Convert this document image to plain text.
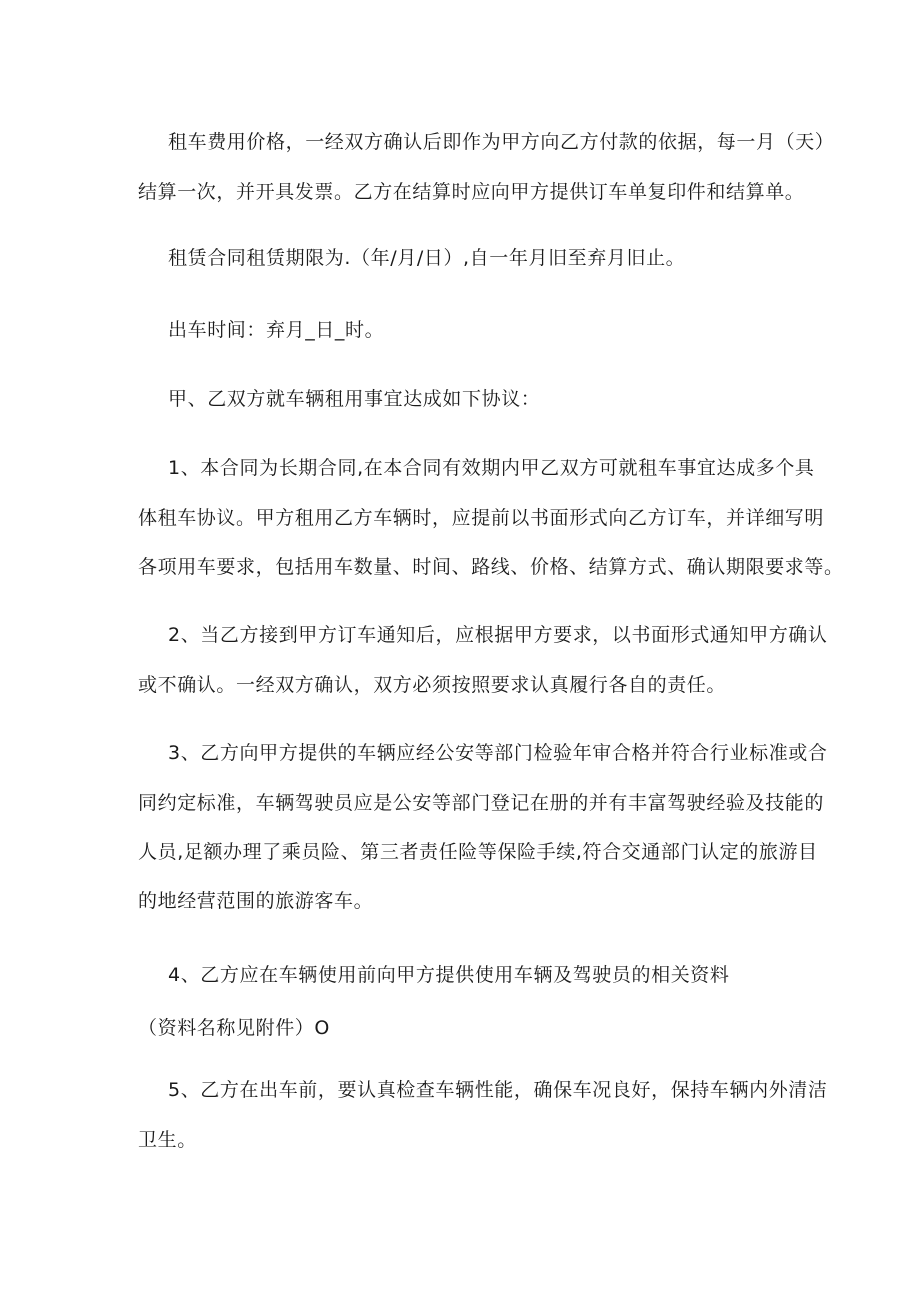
租车费用价格，一经双方确认后即作为甲方向乙方付款的依据，每一月（天）
结算一次，并开具发票。乙方在结算时应向甲方提供订车单复印件和结算单。
租赁合同租赁期限为.（年/月/日）,自一年月旧至弃月旧止。
出车时间：弃月_日_时。
甲、乙双方就车辆租用事宜达成如下协议：
1、本合同为长期合同,在本合同有效期内甲乙双方可就租车事宜达成多个具
体租车协议。甲方租用乙方车辆时，应提前以书面形式向乙方订车，并详细写明
各项用车要求，包括用车数量、时间、路线、价格、结算方式、确认期限要求等。
2、当乙方接到甲方订车通知后，应根据甲方要求，以书面形式通知甲方确认
或不确认。一经双方确认，双方必须按照要求认真履行各自的责任。
3、乙方向甲方提供的车辆应经公安等部门检验年审合格并符合行业标准或合
同约定标准，车辆驾驶员应是公安等部门登记在册的并有丰富驾驶经验及技能的
人员,足额办理了乘员险、第三者责任险等保险手续,符合交通部门认定的旅游目
的地经营范围的旅游客车。
4、乙方应在车辆使用前向甲方提供使用车辆及驾驶员的相关资料
（资料名称见附件）O
5、乙方在出车前，要认真检查车辆性能，确保车况良好，保持车辆内外清洁
卫生。
